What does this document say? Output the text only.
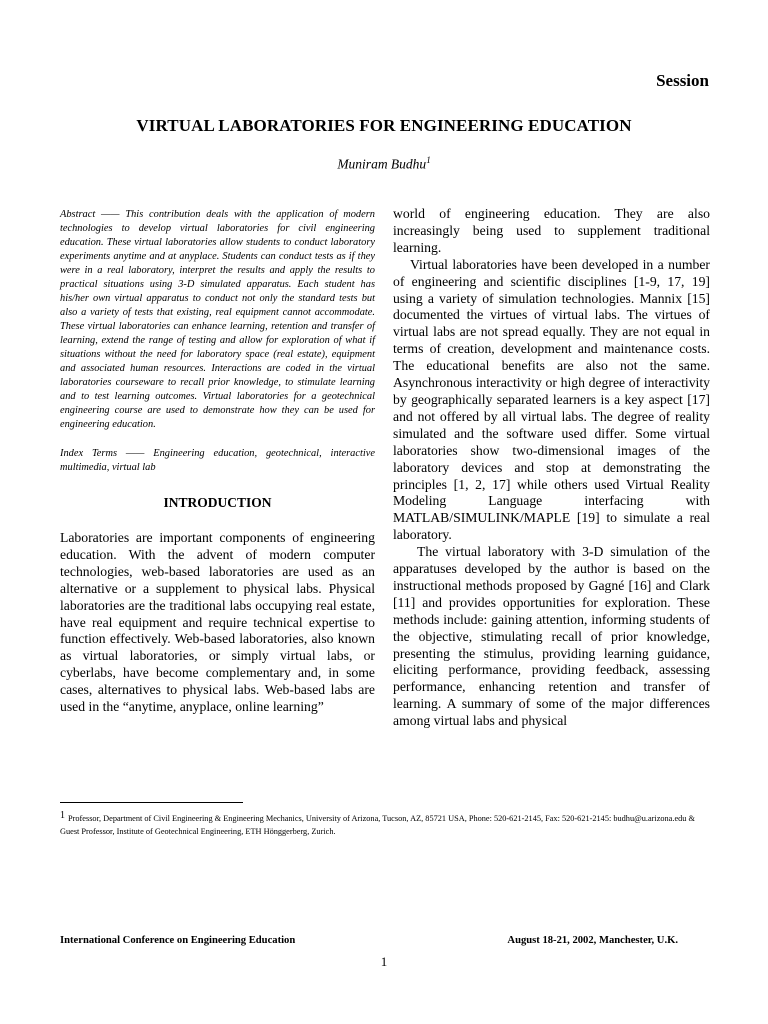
Session
VIRTUAL LABORATORIES FOR ENGINEERING EDUCATION
Muniram Budhu$^1$

Abstract —— This contribution deals with the application of modern technologies to develop virtual laboratories for civil engineering education. These virtual laboratories allow students to conduct laboratory experiments anytime and at anyplace. Students can conduct tests as if they were in a real laboratory, interpret the results and apply the results to practical situations using 3-D simulated apparatus. Each student has his/her own virtual apparatus to conduct not only the standard tests but also a variety of tests that existing, real equipment cannot accommodate. These virtual laboratories can enhance learning, retention and transfer of learning, extend the range of testing and allow for exploration of what if situations without the need for laboratory space (real estate), equipment and associated human resources. Interactions are coded in the virtual laboratories courseware to recall prior knowledge, to stimulate learning and to test learning outcomes. Virtual laboratories for a geotechnical engineering course are used to demonstrate how they can be used for engineering education.

Index Terms —— Engineering education, geotechnical, interactive multimedia, virtual lab

INTRODUCTION

Laboratories are important components of engineering education. With the advent of modern computer technologies, web-based laboratories are used as an alternative or a supplement to physical labs. Physical laboratories are the traditional labs occupying real estate, have real equipment and require technical expertise to function effectively. Web-based laboratories, also known as virtual laboratories, or simply virtual labs, or cyberlabs, have become complementary and, in some cases, alternatives to physical labs. Web-based labs are used in the “anytime, anyplace, online learning”

world of engineering education. They are also increasingly being used to supplement traditional learning.

Virtual laboratories have been developed in a number of engineering and scientific disciplines [1-9, 17, 19] using a variety of simulation technologies. Mannix [15] documented the virtues of virtual labs. The virtues of virtual labs are not spread equally. They are not equal in terms of creation, development and maintenance costs. The educational benefits are also not the same. Asynchronous interactivity or high degree of interactivity by geographically separated learners is a key aspect [17] and not offered by all virtual labs. The degree of reality simulated and the software used differ. Some virtual laboratories show two-dimensional images of the laboratory devices and stop at demonstrating the principles [1, 2, 17] while others used Virtual Reality Modeling Language interfacing with MATLAB/SIMULINK/MAPLE [19] to simulate a real laboratory.

The virtual laboratory with 3-D simulation of the apparatuses developed by the author is based on the instructional methods proposed by Gagné [16] and Clark [11] and provides opportunities for exploration. These methods include: gaining attention, informing students of the objective, stimulating recall of prior knowledge, presenting the stimulus, providing learning guidance, eliciting performance, providing feedback, assessing performance, enhancing retention and transfer of learning. A summary of some of the major differences among virtual labs and physical

$^1$ Professor, Department of Civil Engineering & Engineering Mechanics, University of Arizona, Tucson, AZ, 85721 USA, Phone: 520-621-2145, Fax: 520-621-2145: budhu@u.arizona.edu & Guest Professor, Institute of Geotechnical Engineering, ETH Hönggerberg, Zurich.
International Conference on Engineering Education	August 18-21, 2002, Manchester, U.K.
1
